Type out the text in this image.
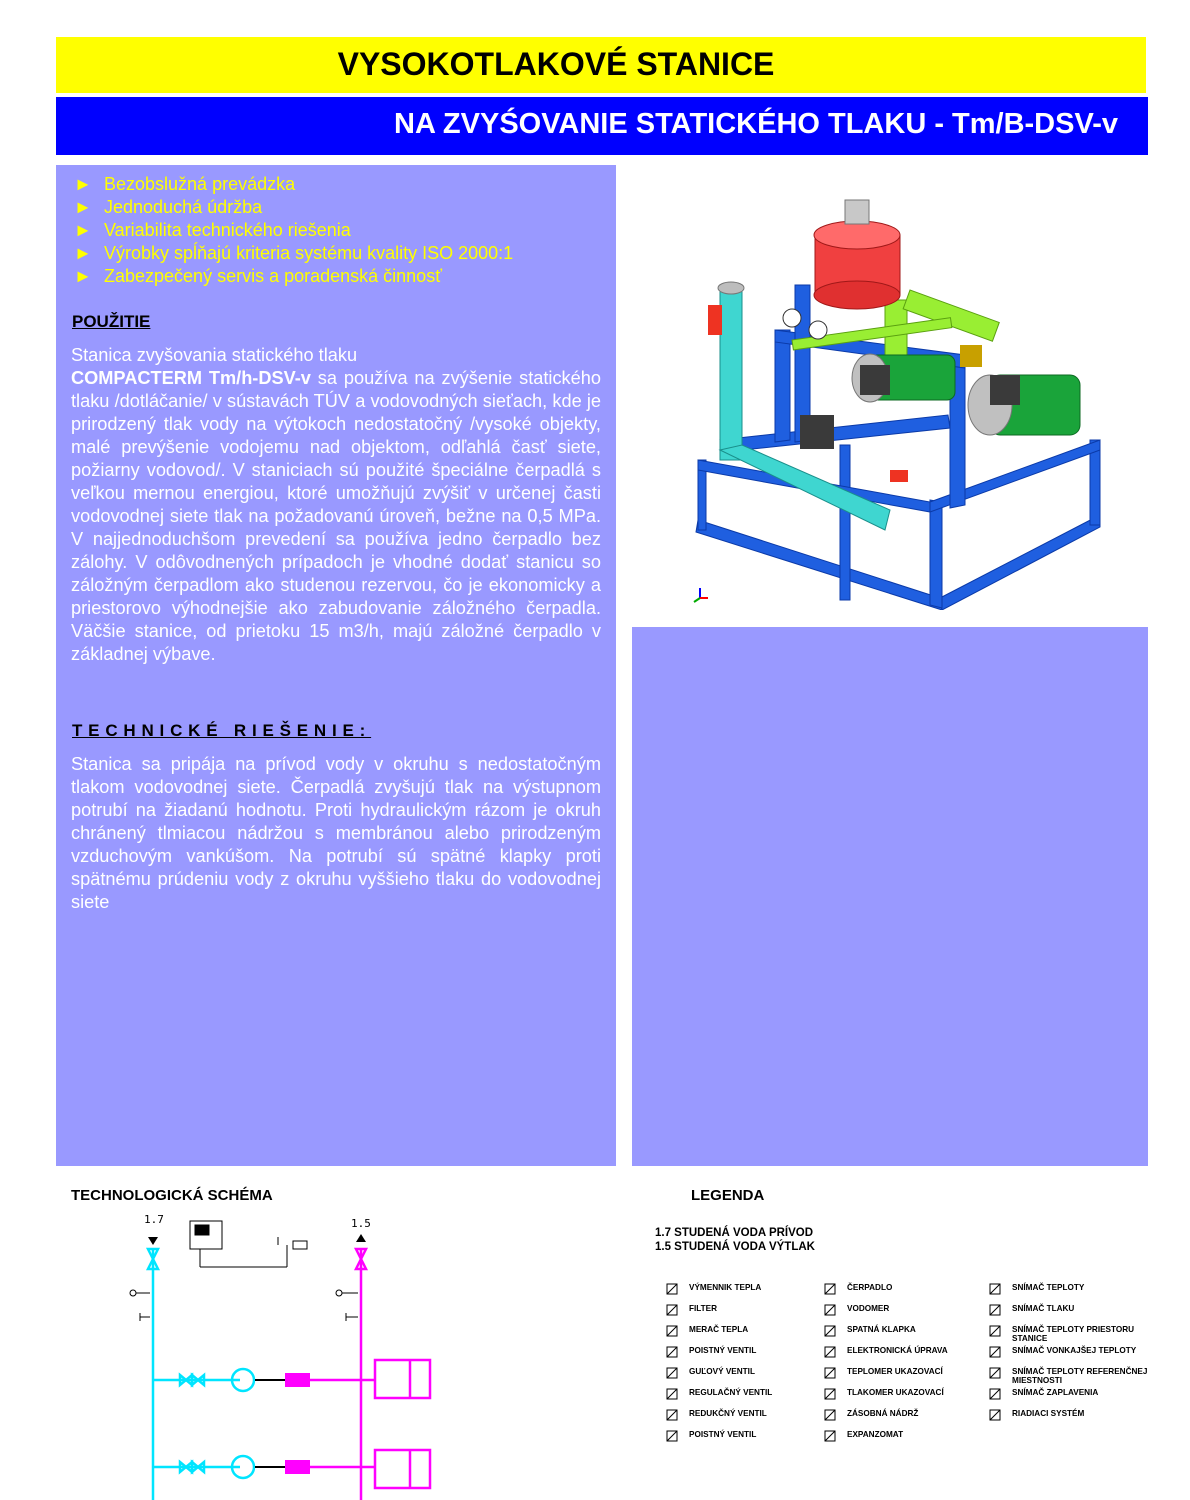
VYSOKOTLAKOVÉ STANICE
NA ZVYŚOVANIE STATICKÉHO TLAKU - Tm/B-DSV-v
► Bezobslužná prevádzka
► Jednoduchá údržba
► Variabilita technického riešenia
► Výrobky spĺňajú kriteria systému kvality ISO 2000:1
► Zabezpečený servis a poradenská činnosť
POUŽITIE
Stanica zvyšovania statického tlaku
COMPACTERM Tm/h-DSV-v sa používa na zvýšenie statického tlaku /dotláčanie/ v sústavách TÚV a vodovodných sieťach, kde je prirodzený tlak vody na výtokoch nedostatočný /vysoké objekty, malé prevýšenie vodojemu nad objektom, odľahlá časť siete, požiarny vodovod/. V staniciach sú použité špeciálne čerpadlá s veľkou mernou energiou, ktoré umožňujú zvýšiť v určenej časti vodovodnej siete tlak na požadovanú úroveň, bežne na 0,5 MPa. V najjednoduchšom prevedení sa používa jedno čerpadlo bez zálohy. V odôvodnených prípadoch je vhodné dodať stanicu so záložným čerpadlom ako studenou rezervou, čo je ekonomicky a priestorovo výhodnejšie ako zabudovanie záložného čerpadla. Väčšie stanice, od prietoku 15 m3/h, majú záložné čerpadlo v základnej výbave.
TECHNICKÉ RIEŠENIE:
Stanica sa pripája na prívod vody v okruhu s nedostatočným tlakom vodovodnej siete. Čerpadlá zvyšujú tlak na výstupnom potrubí na žiadanú hodnotu. Proti hydraulickým rázom je okruh chránený tlmiacou nádržou s membránou alebo prirodzeným vzduchovým vankúšom. Na potrubí sú spätné klapky proti spätnému prúdeniu vody z okruhu vyššieho tlaku do vodovodnej siete
TECHNOLOGICKÁ SCHÉMA
1.7	1.5
LEGENDA
1.7 STUDENÁ VODA PRÍVOD
1.5 STUDENÁ VODA VÝTLAK
VÝMENNIK TEPLA
FILTER
MERAČ TEPLA
POISTNÝ VENTIL
GUĽOVÝ VENTIL
REGULAČNÝ VENTIL
REDUKČNÝ VENTIL
POISTNÝ VENTIL
ČERPADLO
VODOMER
SPATNÁ KLAPKA
ELEKTRONICKÁ ÚPRAVA
TEPLOMER UKAZOVACÍ
TLAKOMER UKAZOVACÍ
ZÁSOBNÁ NÁDRŽ
EXPANZOMAT
SNÍMAČ TEPLOTY
SNÍMAČ TLAKU
SNÍMAČ TEPLOTY PRIESTORU STANICE
SNÍMAČ VONKAJŠEJ TEPLOTY
SNÍMAČ TEPLOTY REFERENČNEJ MIESTNOSTI
SNÍMAČ ZAPLAVENIA
RIADIACI SYSTÉM
